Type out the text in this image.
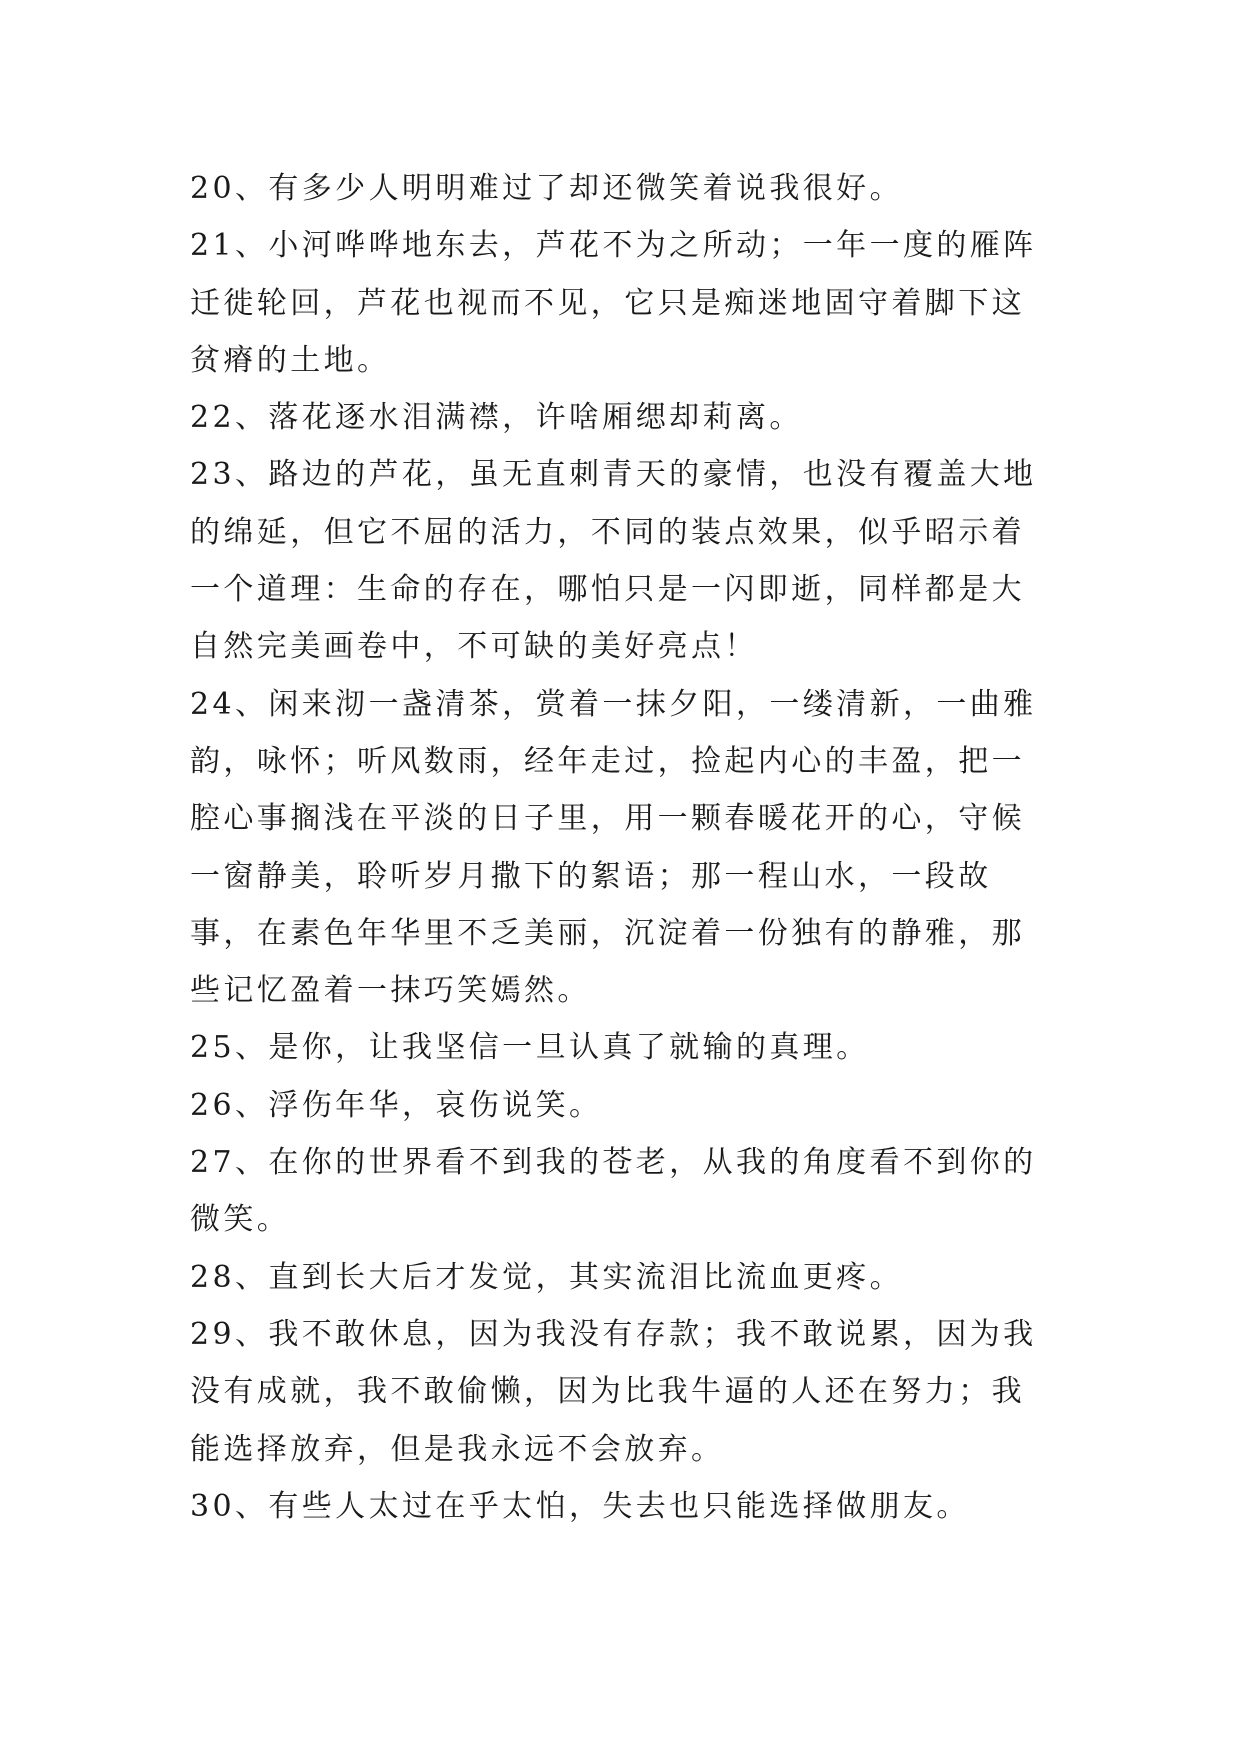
20、有多少人明明难过了却还微笑着说我很好。

21、小河哗哗地东去，芦花不为之所动；一年一度的雁阵迁徙轮回，芦花也视而不见，它只是痴迷地固守着脚下这贫瘠的土地。

22、落花逐水泪满襟，许啥厢缌却莉离。

23、路边的芦花，虽无直刺青天的豪情，也没有覆盖大地的绵延，但它不屈的活力，不同的装点效果，似乎昭示着一个道理：生命的存在，哪怕只是一闪即逝，同样都是大自然完美画卷中，不可缺的美好亮点！

24、闲来沏一盏清茶，赏着一抹夕阳，一缕清新，一曲雅韵，咏怀；听风数雨，经年走过，捡起内心的丰盈，把一腔心事搁浅在平淡的日子里，用一颗春暖花开的心，守候一窗静美，聆听岁月撒下的絮语；那一程山水，一段故事，在素色年华里不乏美丽，沉淀着一份独有的静雅，那些记忆盈着一抹巧笑嫣然。

25、是你，让我坚信一旦认真了就输的真理。

26、浮伤年华，哀伤说笑。

27、在你的世界看不到我的苍老，从我的角度看不到你的微笑。

28、直到长大后才发觉，其实流泪比流血更疼。

29、我不敢休息，因为我没有存款；我不敢说累，因为我没有成就，我不敢偷懒，因为比我牛逼的人还在努力；我能选择放弃，但是我永远不会放弃。

30、有些人太过在乎太怕，失去也只能选择做朋友。
